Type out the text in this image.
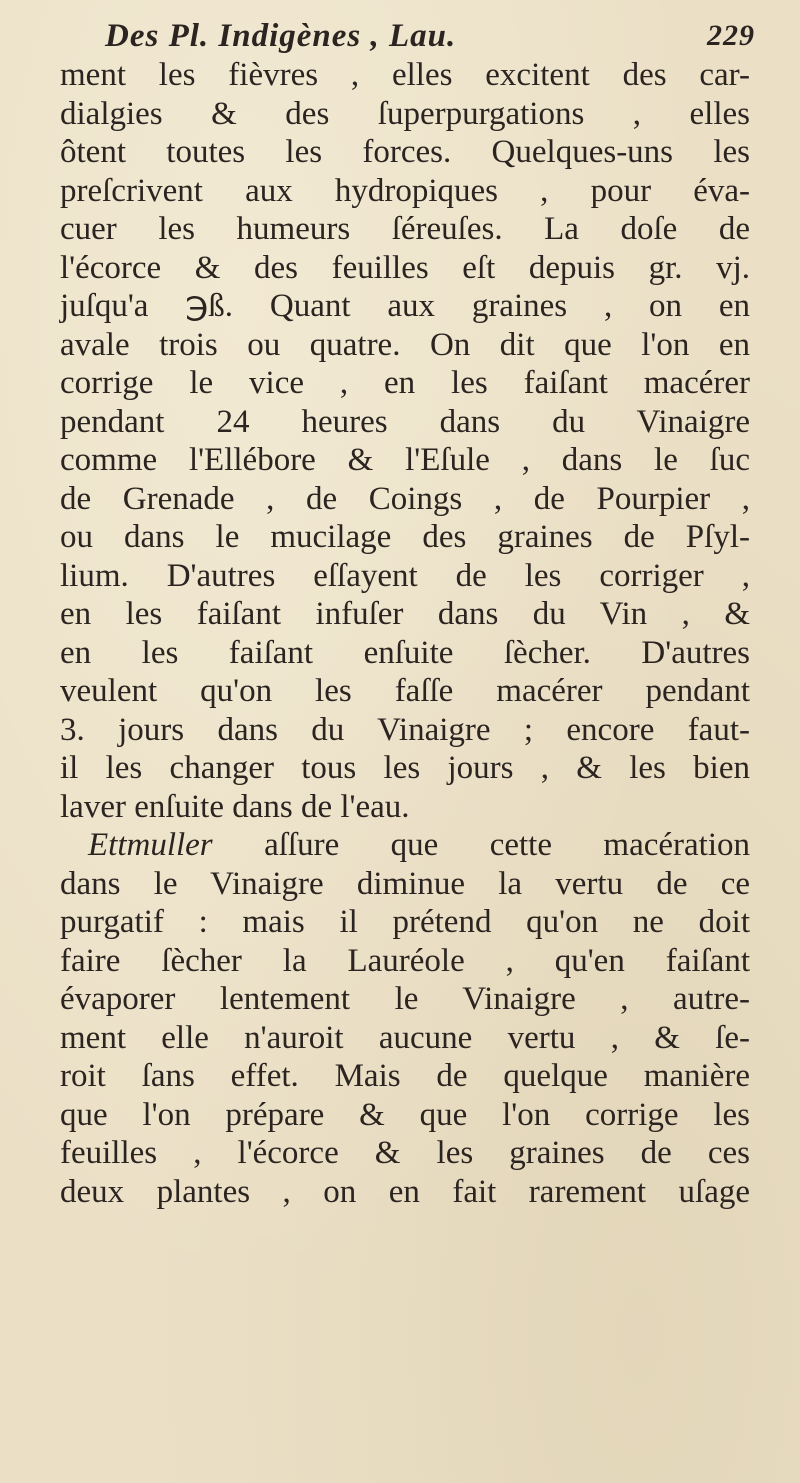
Des Pl. Indigènes , Lau.	229
ment les fièvres , elles excitent des car-
dialgies & des ſuperpurgations , elles
ôtent toutes les forces. Quelques-uns les
preſcrivent aux hydropiques , pour éva-
cuer les humeurs ſéreuſes. La doſe de
l'écorce & des feuilles eſt depuis gr. vj.
juſqu'a ℈ß. Quant aux graines , on en
avale trois ou quatre. On dit que l'on en
corrige le vice , en les faiſant macérer
pendant 24 heures dans du Vinaigre
comme l'Ellébore & l'Eſule , dans le ſuc
de Grenade , de Coings , de Pourpier ,
ou dans le mucilage des graines de Pſyl-
lium. D'autres eſſayent de les corriger ,
en les faiſant infuſer dans du Vin , &
en les faiſant enſuite ſècher. D'autres
veulent qu'on les faſſe macérer pendant
3. jours dans du Vinaigre ; encore faut-
il les changer tous les jours , & les bien
laver enſuite dans de l'eau.
Ettmuller aſſure que cette macération
dans le Vinaigre diminue la vertu de ce
purgatif : mais il prétend qu'on ne doit
faire ſècher la Lauréole , qu'en faiſant
évaporer lentement le Vinaigre , autre-
ment elle n'auroit aucune vertu , & ſe-
roit ſans effet. Mais de quelque manière
que l'on prépare & que l'on corrige les
feuilles , l'écorce & les graines de ces
deux plantes , on en fait rarement uſage
